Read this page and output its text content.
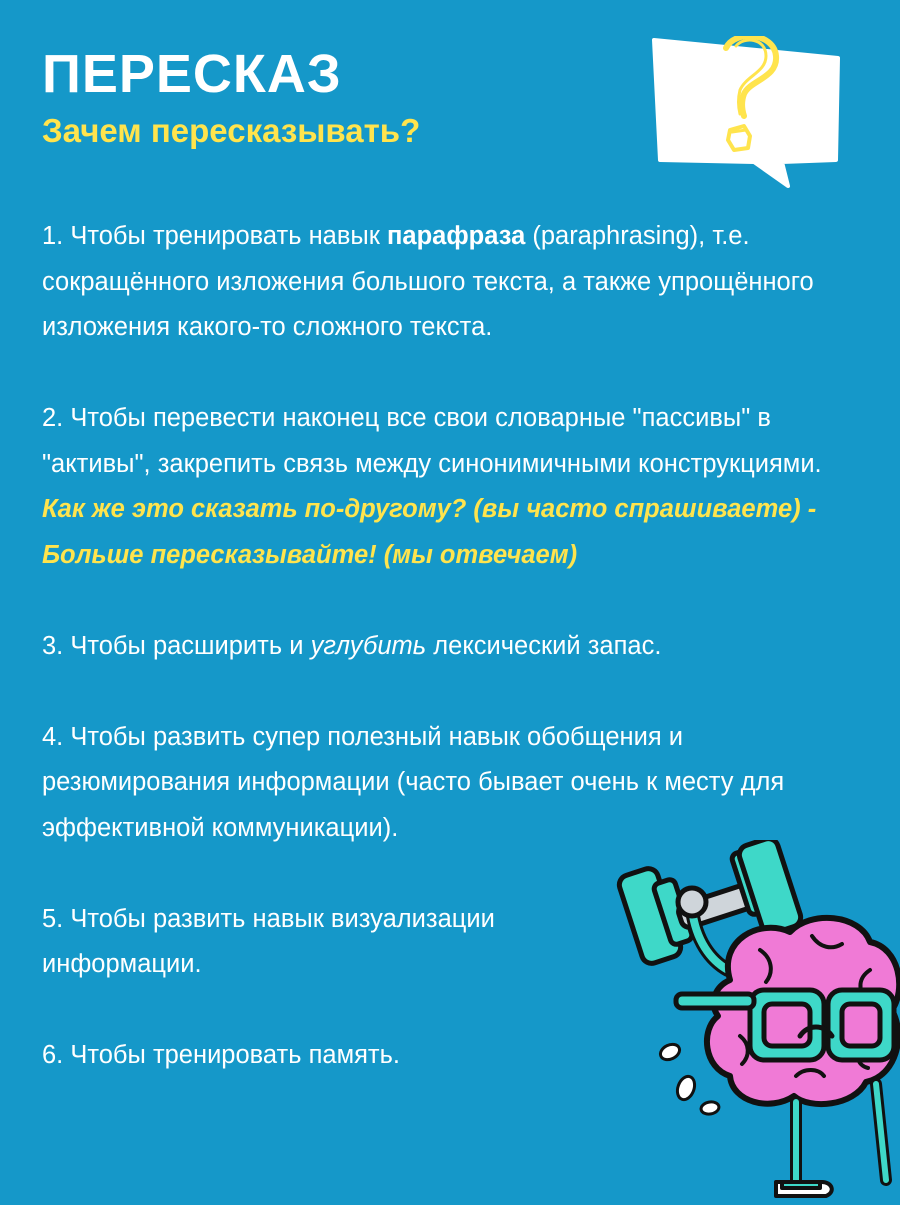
ПЕРЕСКАЗ
Зачем пересказывать?

1. Чтобы тренировать навык парафраза (paraphrasing), т.е. сокращённого изложения большого текста, а также упрощённого изложения какого-то сложного текста.

2. Чтобы перевести наконец все свои словарные "пассивы" в "активы", закрепить связь между синонимичными конструкциями. Как же это сказать по-другому? (вы часто спрашиваете) - Больше пересказывайте! (мы отвечаем)

3. Чтобы расширить и углубить лексический запас.

4. Чтобы развить супер полезный навык обобщения и резюмирования информации (часто бывает очень к месту для эффективной коммуникации).

5. Чтобы развить навык визуализации информации.

6. Чтобы тренировать память.
